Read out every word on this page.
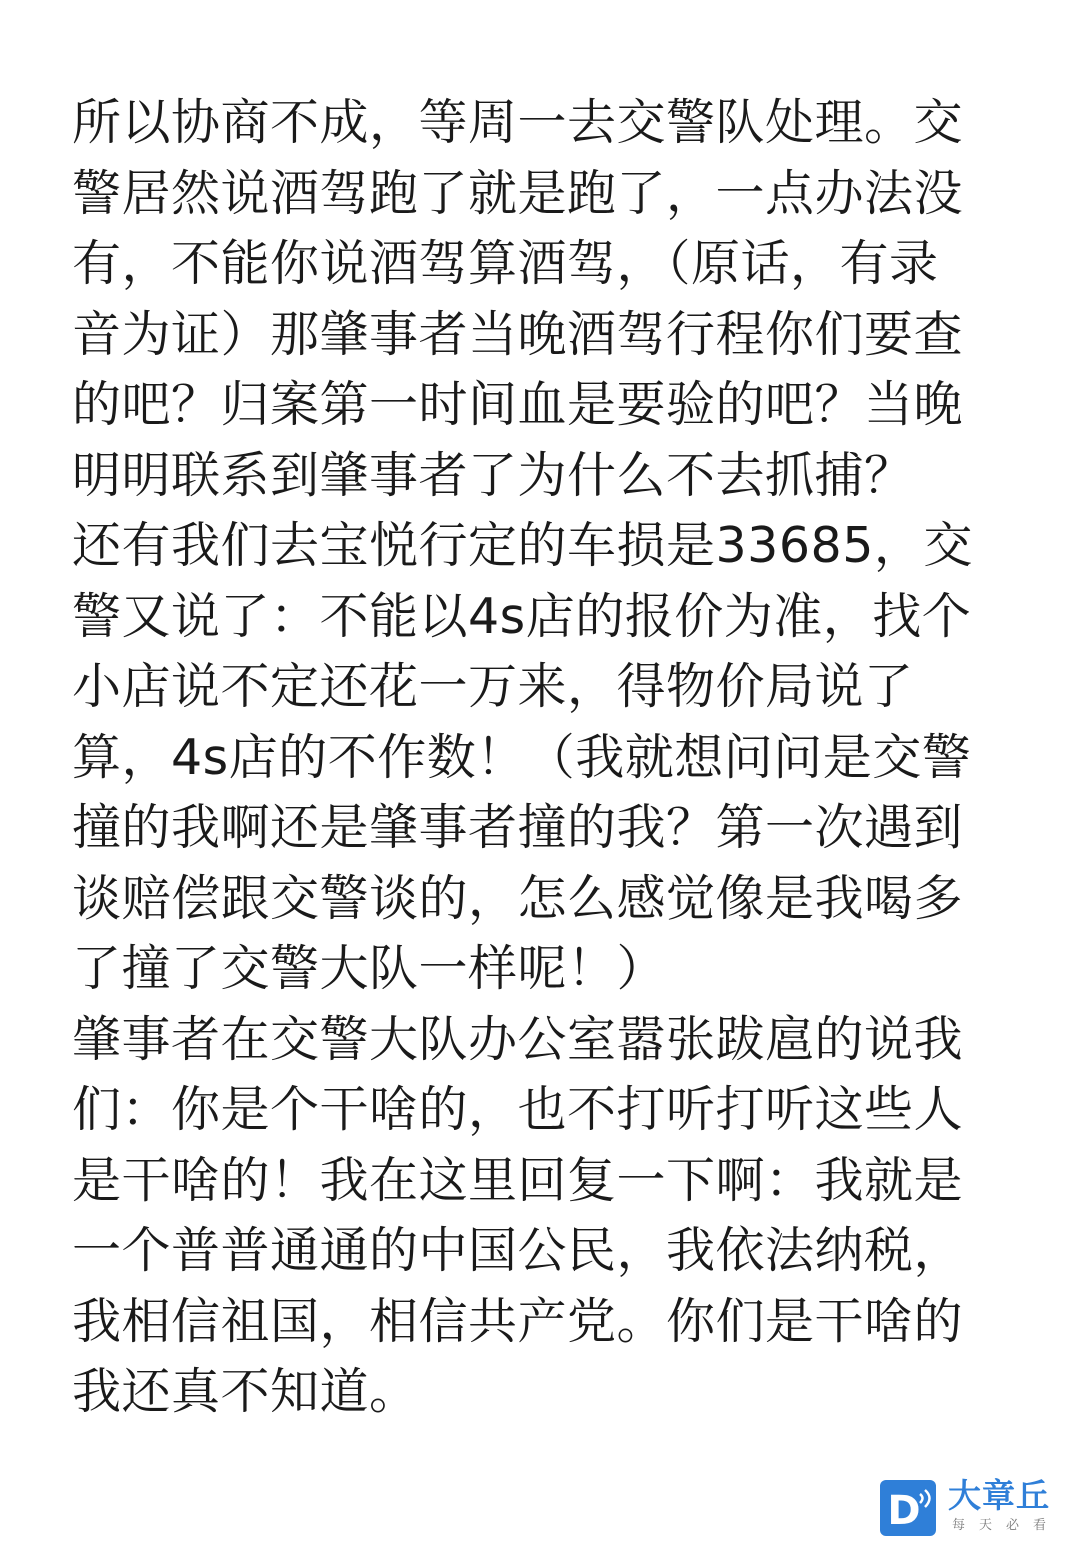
所以协商不成，等周一去交警队处理。交
警居然说酒驾跑了就是跑了，一点办法没
有，不能你说酒驾算酒驾，（原话，有录
音为证）那肇事者当晚酒驾行程你们要查
的吧？归案第一时间血是要验的吧？当晚
明明联系到肇事者了为什么不去抓捕？
还有我们去宝悦行定的车损是33685，交
警又说了：不能以4s店的报价为准，找个
小店说不定还花一万来，得物价局说了
算，4s店的不作数！（我就想问问是交警
撞的我啊还是肇事者撞的我？第一次遇到
谈赔偿跟交警谈的，怎么感觉像是我喝多
了撞了交警大队一样呢！）
肇事者在交警大队办公室嚣张跋扈的说我
们：你是个干啥的，也不打听打听这些人
是干啥的！我在这里回复一下啊：我就是
一个普普通通的中国公民，我依法纳税，
我相信祖国，相信共产党。你们是干啥的
我还真不知道。
D 大章丘
每天必看
